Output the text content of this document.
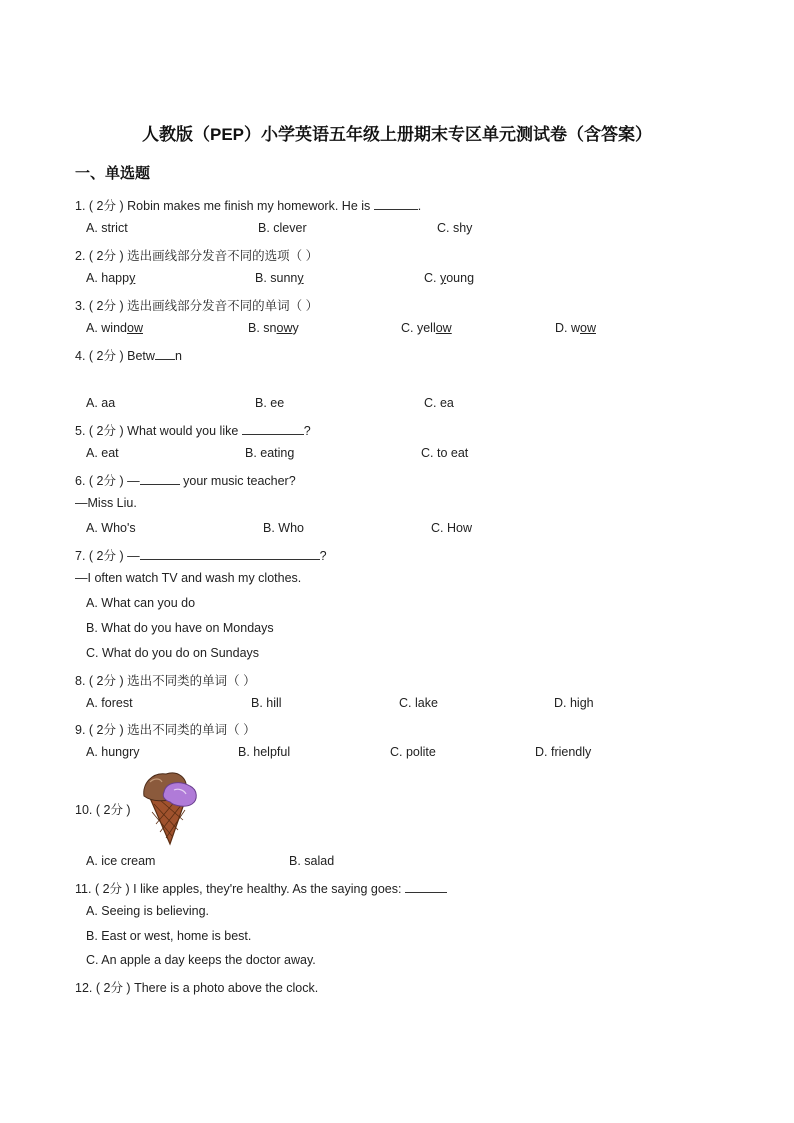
人教版（PEP）小学英语五年级上册期末专区单元测试卷（含答案）
一、单选题
1. ( 2分 ) Robin makes me finish my homework. He is	.
A. strict	B. clever	C. shy
2. ( 2分 ) 选出画线部分发音不同的选项（ ）
A. happy	B. sunny	C. young
3. ( 2分 ) 选出画线部分发音不同的单词（ ）
A. window	B. snowy	C. yellow	D. wow
4. ( 2分 ) Betw n
A. aa	B. ee	C. ea
5. ( 2分 ) What would you like	?
A. eat	B. eating	C. to eat
6. ( 2分 ) —	your music teacher?
—Miss Liu.
A. Who's	B. Who	C. How
7. ( 2分 ) —	?
—I often watch TV and wash my clothes.
A. What can you do
B. What do you have on Mondays
C. What do you do on Sundays
8. ( 2分 ) 选出不同类的单词（ ）
A. forest	B. hill	C. lake	D. high
9. ( 2分 ) 选出不同类的单词（ ）
A. hungry	B. helpful	C. polite	D. friendly
10. ( 2分 )
A. ice cream	B. salad
11. ( 2分 ) I like apples, they're healthy. As the saying goes:
A. Seeing is believing.
B. East or west, home is best.
C. An apple a day keeps the doctor away.
12. ( 2分 ) There is a photo above the clock.
